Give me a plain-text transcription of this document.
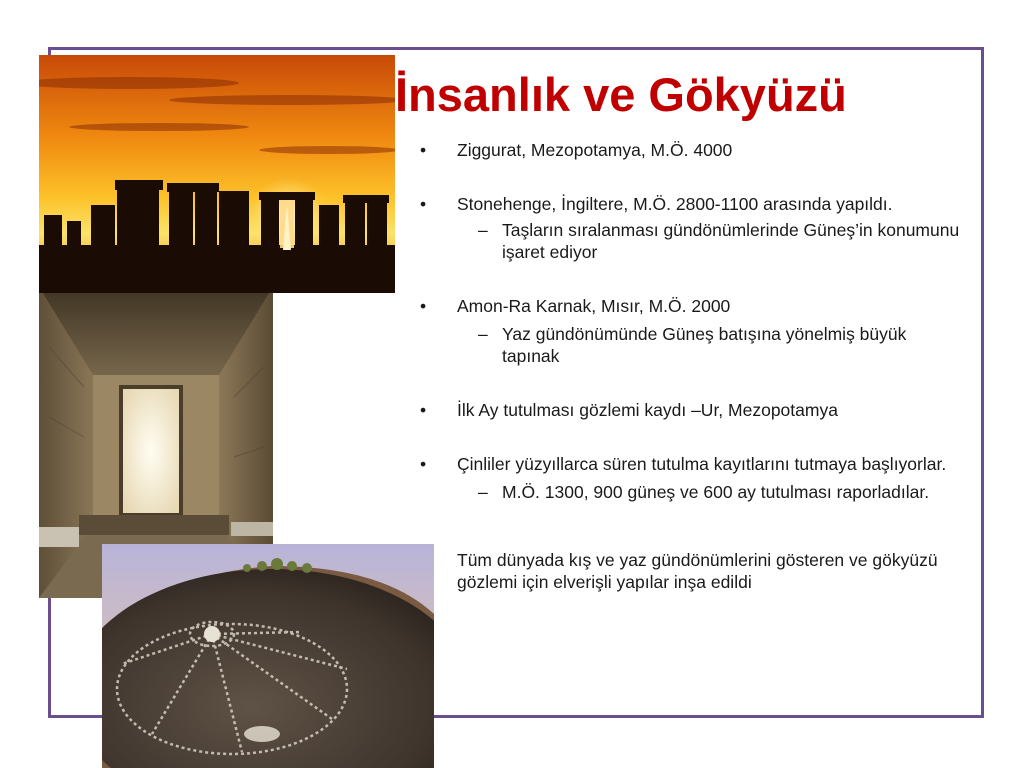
İnsanlık ve Gökyüzü
• Ziggurat, Mezopotamya, M.Ö. 4000
• Stonehenge, İngiltere, M.Ö. 2800-1100 arasında yapıldı.
– Taşların sıralanması gündönümlerinde Güneş’in konumunu işaret ediyor
• Amon-Ra Karnak, Mısır, M.Ö. 2000
– Yaz gündönümünde Güneş batışına yönelmiş büyük tapınak
• İlk Ay tutulması gözlemi kaydı –Ur, Mezopotamya
• Çinliler yüzyıllarca süren tutulma kayıtlarını tutmaya başlıyorlar.
– M.Ö. 1300, 900 güneş ve 600 ay tutulması raporladılar.
Tüm dünyada kış ve yaz gündönümlerini gösteren ve gökyüzü gözlemi için elverişli yapılar inşa edildi
